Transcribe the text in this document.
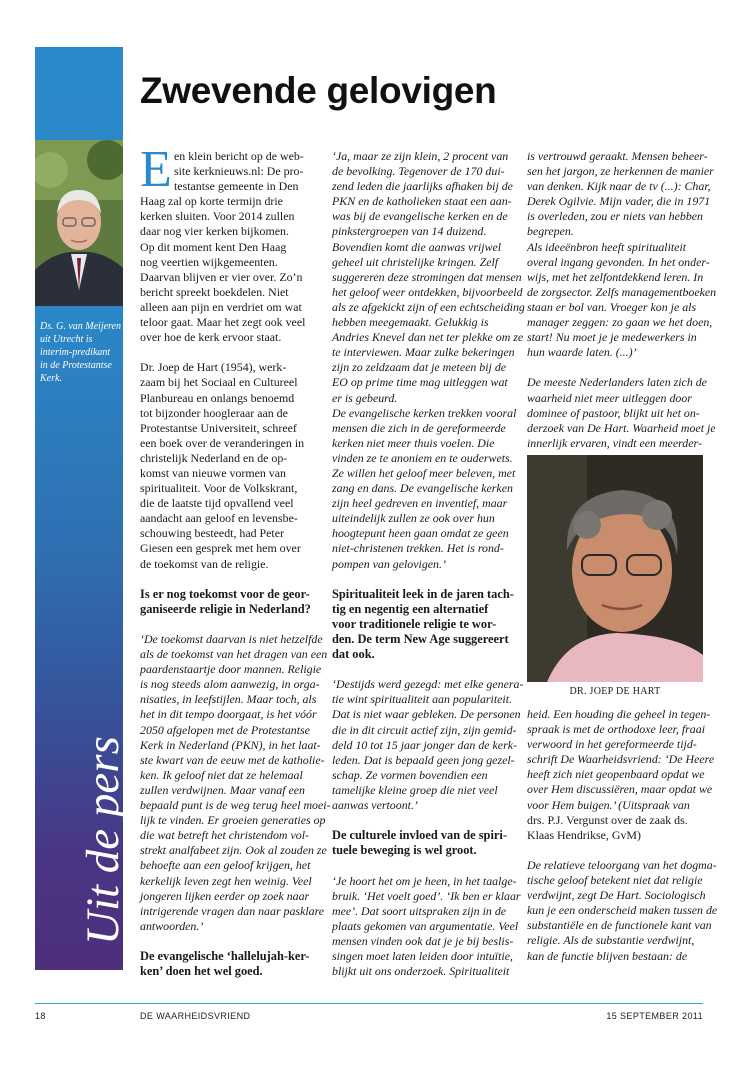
Ds. G. van Meijeren
uit Utrecht is
interim-predikant
in de Protestantse
Kerk.
Uit de pers
Zwevende gelovigen
E en klein bericht op de web-
site kerknieuws.nl: De pro-
testantse gemeente in Den
Haag zal op korte termijn drie
kerken sluiten. Voor 2014 zullen
daar nog vier kerken bijkomen.
Op dit moment kent Den Haag
nog veertien wijkgemeenten.
Daarvan blijven er vier over. Zo’n
bericht spreekt boekdelen. Niet
alleen aan pijn en verdriet om wat
teloor gaat. Maar het zegt ook veel
over hoe de kerk ervoor staat.
Dr. Joep de Hart (1954), werk-
zaam bij het Sociaal en Cultureel
Planbureau en onlangs benoemd
tot bijzonder hoogleraar aan de
Protestantse Universiteit, schreef
een boek over de veranderingen in
christelijk Nederland en de op-
komst van nieuwe vormen van
spiritualiteit. Voor de Volkskrant,
die de laatste tijd opvallend veel
aandacht aan geloof en levensbe-
schouwing besteedt, had Peter
Giesen een gesprek met hem over
de toekomst van de religie.
Is er nog toekomst voor de geor-
ganiseerde religie in Nederland?
‘De toekomst daarvan is niet hetzelfde
als de toekomst van het dragen van een
paardenstaartje door mannen. Religie
is nog steeds alom aanwezig, in orga-
nisaties, in leefstijlen. Maar toch, als
het in dit tempo doorgaat, is het vóór
2050 afgelopen met de Protestantse
Kerk in Nederland (PKN), in het laat-
ste kwart van de eeuw met de katholie-
ken. Ik geloof niet dat ze helemaal
zullen verdwijnen. Maar vanaf een
bepaald punt is de weg terug heel moei-
lijk te vinden. Er groeien generaties op
die wat betreft het christendom vol-
strekt analfabeet zijn. Ook al zouden ze
behoefte aan een geloof krijgen, het
kerkelijk leven zegt hen weinig. Veel
jongeren lijken eerder op zoek naar
intrigerende vragen dan naar pasklare
antwoorden.’
De evangelische ‘hallelujah-ker-
ken’ doen het wel goed.
‘Ja, maar ze zijn klein, 2 procent van
de bevolking. Tegenover de 170 dui-
zend leden die jaarlijks afhaken bij de
PKN en de katholieken staat een aan-
was bij de evangelische kerken en de
pinkstergroepen van 14 duizend.
Bovendien komt die aanwas vrijwel
geheel uit christelijke kringen. Zelf
suggereren deze stromingen dat mensen
het geloof weer ontdekken, bijvoorbeeld
als ze afgekickt zijn of een echtscheiding
hebben meegemaakt. Gelukkig is
Andries Knevel dan net ter plekke om ze
te interviewen. Maar zulke bekeringen
zijn zo zeldzaam dat je meteen bij de
EO op prime time mag uitleggen wat
er is gebeurd.
De evangelische kerken trekken vooral
mensen die zich in de gereformeerde
kerken niet meer thuis voelen. Die
vinden ze te anoniem en te ouderwets.
Ze willen het geloof meer beleven, met
zang en dans. De evangelische kerken
zijn heel gedreven en inventief, maar
uiteindelijk zullen ze ook over hun
hoogtepunt heen gaan omdat ze geen
niet-christenen trekken. Het is rond-
pompen van gelovigen.’
Spiritualiteit leek in de jaren tach-
tig en negentig een alternatief
voor traditionele religie te wor-
den. De term New Age suggereert
dat ook.
‘Destijds werd gezegd: met elke genera-
tie wint spiritualiteit aan populariteit.
Dat is niet waar gebleken. De personen
die in dit circuit actief zijn, zijn gemid-
deld 10 tot 15 jaar jonger dan de kerk-
leden. Dat is bepaald geen jong gezel-
schap. Ze vormen bovendien een
tamelijke kleine groep die niet veel
aanwas vertoont.’
De culturele invloed van de spiri-
tuele beweging is wel groot.
‘Je hoort het om je heen, in het taalge-
bruik. ‘Het voelt goed’. ‘Ik ben er klaar
mee’. Dat soort uitspraken zijn in de
plaats gekomen van argumentatie. Veel
mensen vinden ook dat je je bij beslis-
singen moet laten leiden door intuïtie,
blijkt uit ons onderzoek. Spiritualiteit
is vertrouwd geraakt. Mensen beheer-
sen het jargon, ze herkennen de manier
van denken. Kijk naar de tv (...): Char,
Derek Ogilvie. Mijn vader, die in 1971
is overleden, zou er niets van hebben
begrepen.
Als ideeënbron heeft spiritualiteit
overal ingang gevonden. In het onder-
wijs, met het zelfontdekkend leren. In
de zorgsector. Zelfs managementboeken
staan er bol van. Vroeger kon je als
manager zeggen: zo gaan we het doen,
start! Nu moet je je medewerkers in
hun waarde laten. (...)’
De meeste Nederlanders laten zich de
waarheid niet meer uitleggen door
dominee of pastoor, blijkt uit het on-
derzoek van De Hart. Waarheid moet je
innerlijk ervaren, vindt een meerder-
DR. JOEP DE HART
heid. Een houding die geheel in tegen-
spraak is met de orthodoxe leer, fraai
verwoord in het gereformeerde tijd-
schrift De Waarheidsvriend: ‘De Heere
heeft zich niet geopenbaard opdat we
over Hem discussiëren, maar opdat we
voor Hem buigen.’ (Uitspraak van
drs. P.J. Vergunst over de zaak ds.
Klaas Hendrikse, GvM)
De relatieve teloorgang van het dogma-
tische geloof betekent niet dat religie
verdwijnt, zegt De Hart. Sociologisch
kun je een onderscheid maken tussen de
substantiële en de functionele kant van
religie. Als de substantie verdwijnt,
kan de functie blijven bestaan: de
18	DE WAARHEIDSVRIEND	15 SEPTEMBER 2011
